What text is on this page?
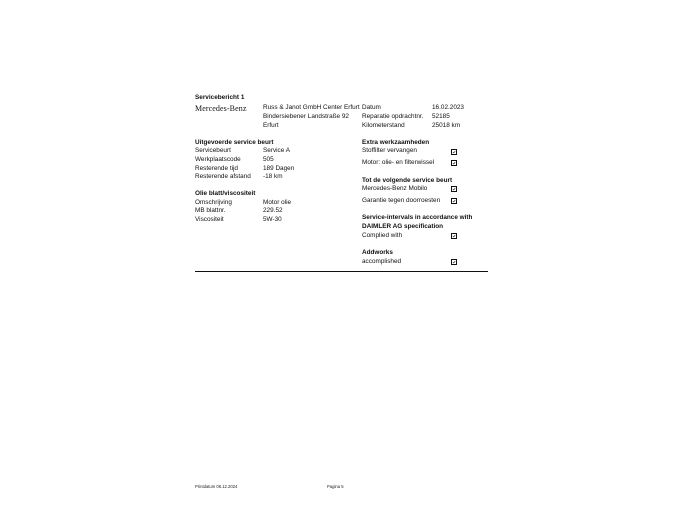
Servicebericht 1
Mercedes-Benz	Russ & Janot GmbH Center Erfurt
Bindersiebener Landstraße 92
Erfurt
Datum	16.02.2023
Reparatie opdrachtnr. 52185
Kilometerstand	25018 km
Uitgevoerde service beurt
Servicebeurt	Service A
Werkplaatscode	505
Resterende tijd	189 Dagen
Resterende afstand -18 km
Olie blatt/viscositeit
Omschrijving	Motor olie
MB blattnr.	229.52
Viscositeit	5W-30
Extra werkzaamheden
Stoffilter vervangen
Motor: olie- en filterwissel
Tot de volgende service beurt
Mercedes-Benz Mobilo
Garantie tegen doorroesten
Service-intervals in accordance with
DAIMLER AG specification
Complied with
Addworks
accomplished
Printdatum 06.12.2024	Pagina 5
